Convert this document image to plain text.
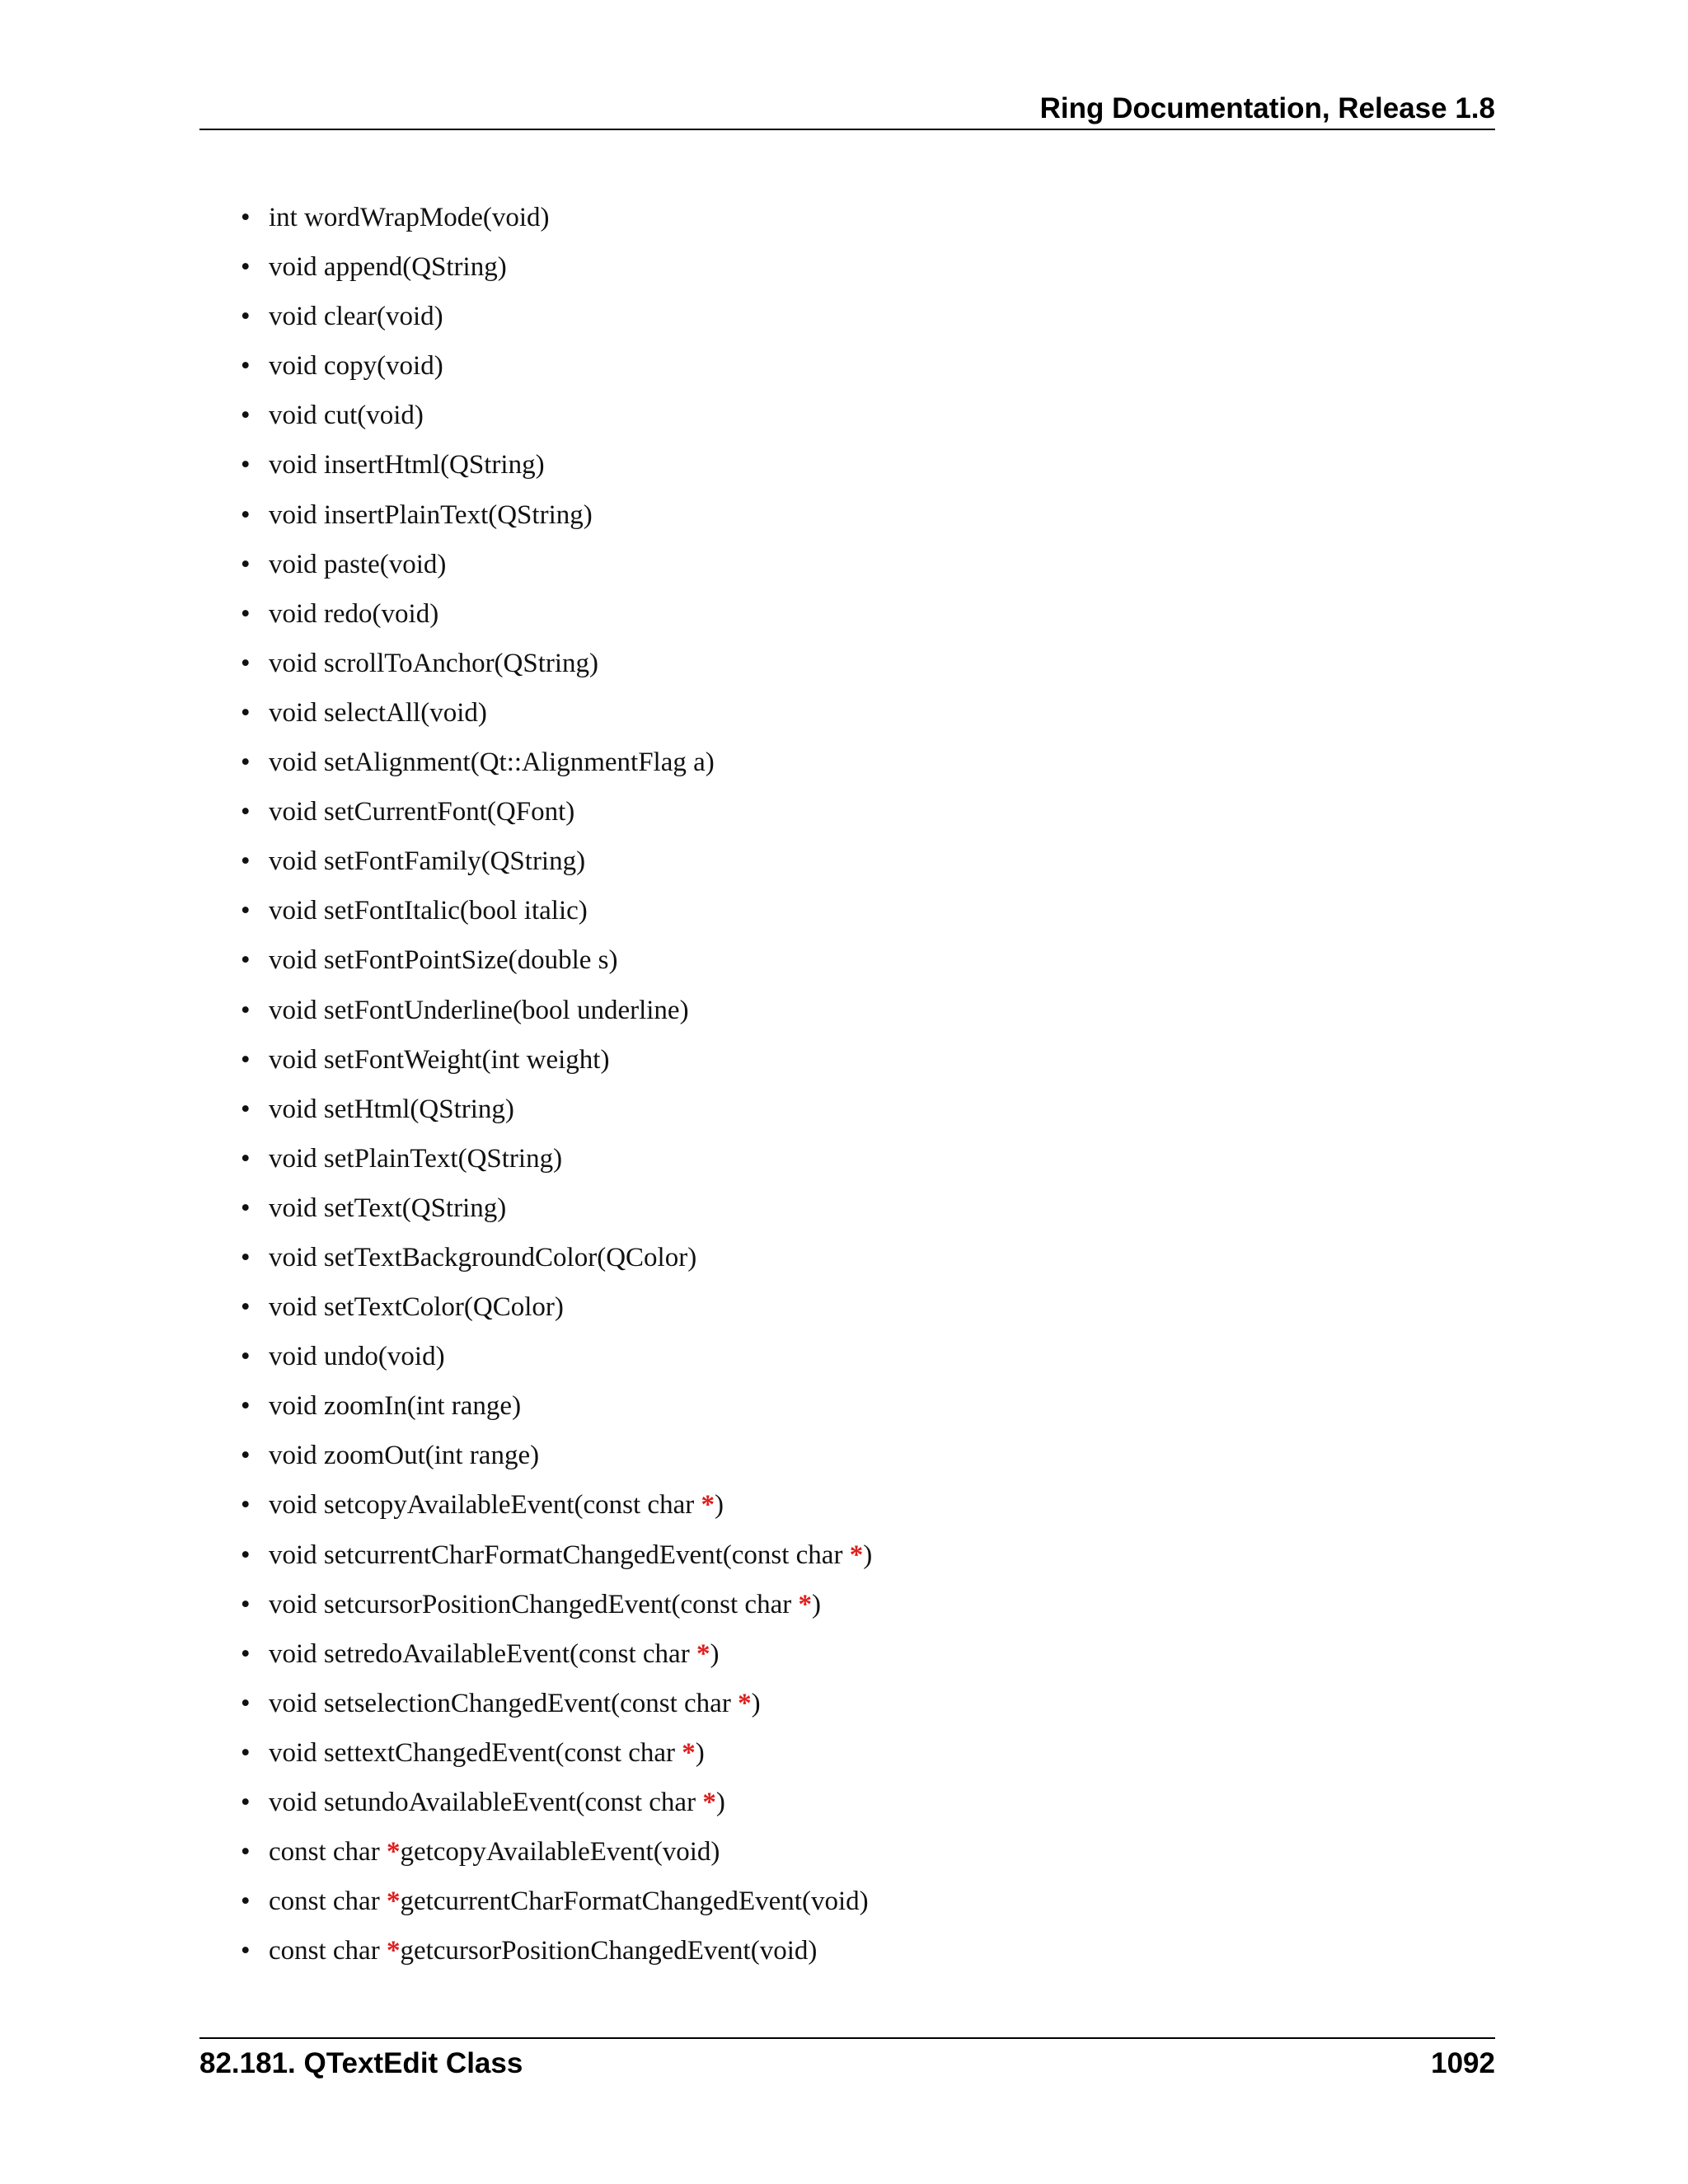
Ring Documentation, Release 1.8
• int wordWrapMode(void)
• void append(QString)
• void clear(void)
• void copy(void)
• void cut(void)
• void insertHtml(QString)
• void insertPlainText(QString)
• void paste(void)
• void redo(void)
• void scrollToAnchor(QString)
• void selectAll(void)
• void setAlignment(Qt::AlignmentFlag a)
• void setCurrentFont(QFont)
• void setFontFamily(QString)
• void setFontItalic(bool italic)
• void setFontPointSize(double s)
• void setFontUnderline(bool underline)
• void setFontWeight(int weight)
• void setHtml(QString)
• void setPlainText(QString)
• void setText(QString)
• void setTextBackgroundColor(QColor)
• void setTextColor(QColor)
• void undo(void)
• void zoomIn(int range)
• void zoomOut(int range)
• void setcopyAvailableEvent(const char *)
• void setcurrentCharFormatChangedEvent(const char *)
• void setcursorPositionChangedEvent(const char *)
• void setredoAvailableEvent(const char *)
• void setselectionChangedEvent(const char *)
• void settextChangedEvent(const char *)
• void setundoAvailableEvent(const char *)
• const char *getcopyAvailableEvent(void)
• const char *getcurrentCharFormatChangedEvent(void)
• const char *getcursorPositionChangedEvent(void)
82.181. QTextEdit Class	1092
